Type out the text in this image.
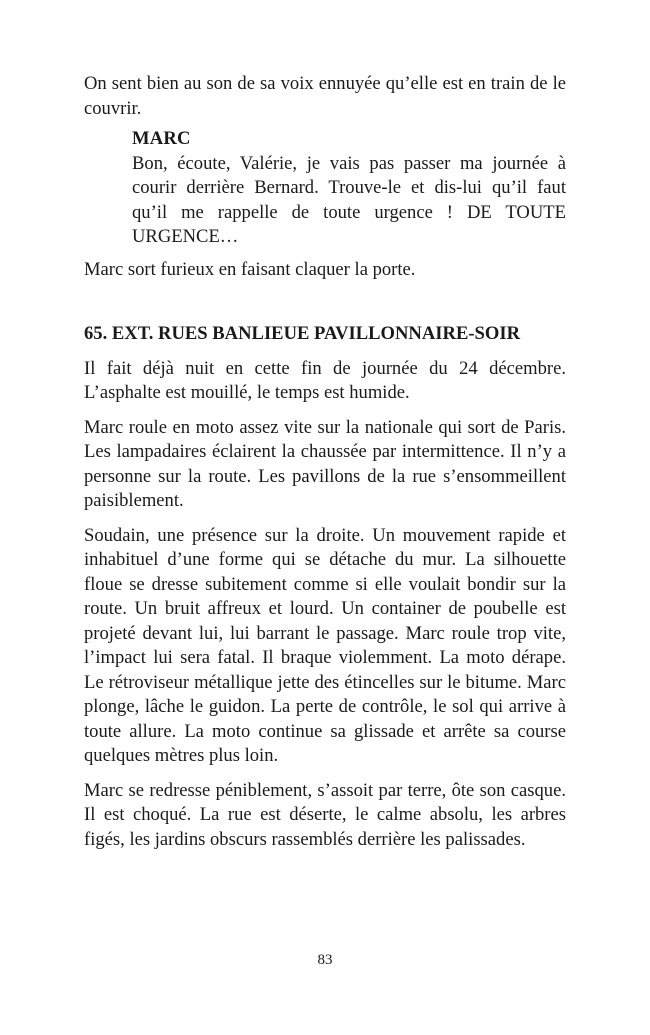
On sent bien au son de sa voix ennuyée qu’elle est en train de le couvrir.

MARC
Bon, écoute, Valérie, je vais pas passer ma journée à courir derrière Bernard. Trouve-le et dis-lui qu’il faut qu’il me rappelle de toute urgence ! DE TOUTE URGENCE…

Marc sort furieux en faisant claquer la porte.

65. EXT. RUES BANLIEUE PAVILLONNAIRE-SOIR

Il fait déjà nuit en cette fin de journée du 24 décembre. L’asphalte est mouillé, le temps est humide.

Marc roule en moto assez vite sur la nationale qui sort de Paris. Les lampadaires éclairent la chaussée par intermittence. Il n’y a personne sur la route. Les pavillons de la rue s’ensommeillent paisiblement.

Soudain, une présence sur la droite. Un mouvement rapide et inhabituel d’une forme qui se détache du mur. La silhouette floue se dresse subitement comme si elle voulait bondir sur la route. Un bruit affreux et lourd. Un container de poubelle est projeté devant lui, lui barrant le passage. Marc roule trop vite, l’impact lui sera fatal. Il braque violemment. La moto dérape. Le rétroviseur métallique jette des étincelles sur le bitume. Marc plonge, lâche le guidon. La perte de contrôle, le sol qui arrive à toute allure. La moto continue sa glissade et arrête sa course quelques mètres plus loin.

Marc se redresse péniblement, s’assoit par terre, ôte son casque. Il est choqué. La rue est déserte, le calme absolu, les arbres figés, les jardins obscurs rassemblés derrière les palissades.

83
